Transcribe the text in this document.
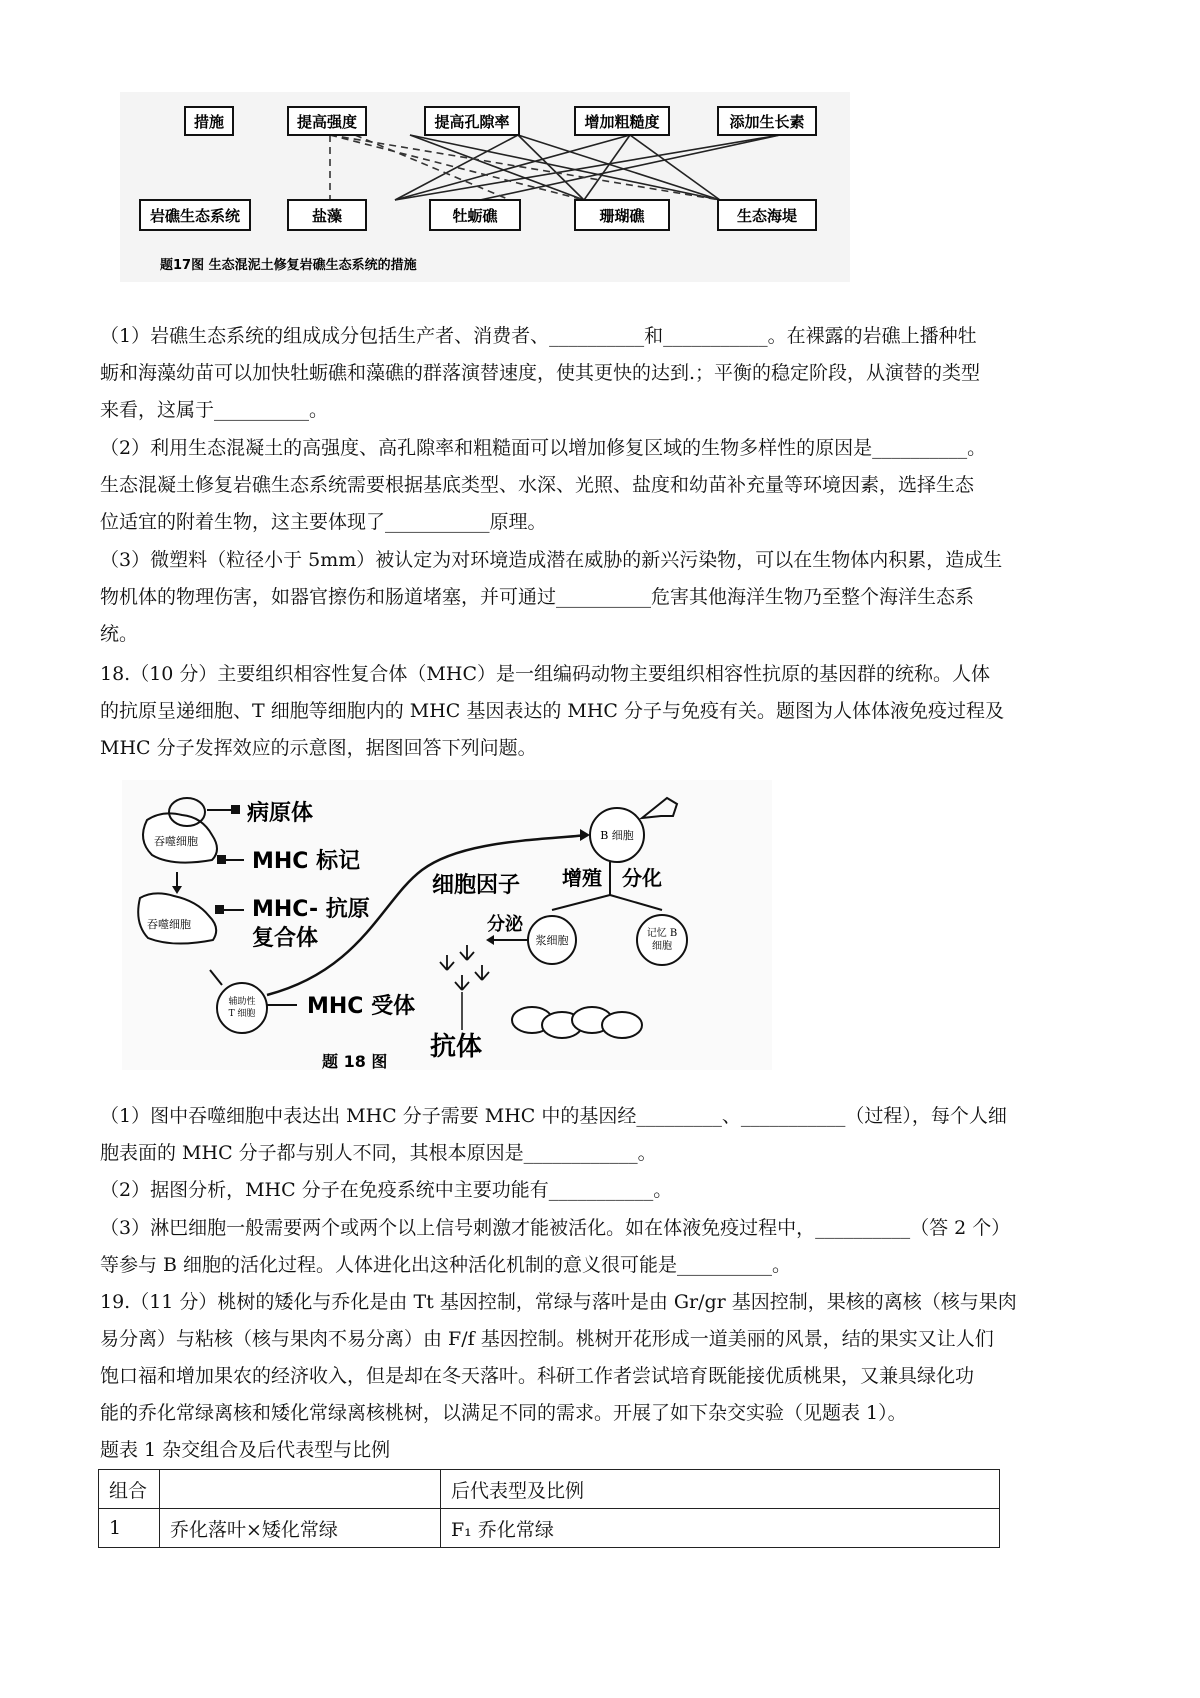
措施	提高强度	提高孔隙率	增加粗糙度	添加生长素
岩礁生态系统	盐藻	牡蛎礁	珊瑚礁	生态海堤
题17图 生态混泥土修复岩礁生态系统的措施
（1）岩礁生态系统的组成成分包括生产者、消费者、__________和___________。在裸露的岩礁上播种牡
蛎和海藻幼苗可以加快牡蛎礁和藻礁的群落演替速度，使其更快的达到.；平衡的稳定阶段，从演替的类型
来看，这属于__________。
（2）利用生态混凝土的高强度、高孔隙率和粗糙面可以增加修复区域的生物多样性的原因是__________。
生态混凝土修复岩礁生态系统需要根据基底类型、水深、光照、盐度和幼苗补充量等环境因素，选择生态
位适宜的附着生物，这主要体现了___________原理。
（3）微塑料（粒径小于 5mm）被认定为对环境造成潜在威胁的新兴污染物，可以在生物体内积累，造成生
物机体的物理伤害，如器官擦伤和肠道堵塞，并可通过__________危害其他海洋生物乃至整个海洋生态系
统。
18.（10 分）主要组织相容性复合体（MHC）是一组编码动物主要组织相容性抗原的基因群的统称。人体
的抗原呈递细胞、T 细胞等细胞内的 MHC 基因表达的 MHC 分子与免疫有关。题图为人体体液免疫过程及
MHC 分子发挥效应的示意图，据图回答下列问题。
吞噬细胞
病原体
MHC 标记
吞噬细胞
MHC- 抗原
复合体
辅助性
T 细胞 MHC 受体
细胞因子
B 细胞
增殖 分化
浆细胞
记忆 B
细胞
分泌
抗体
题 18 图
（1）图中吞噬细胞中表达出 MHC 分子需要 MHC 中的基因经_________、___________（过程），每个人细
胞表面的 MHC 分子都与别人不同，其根本原因是____________。
（2）据图分析，MHC 分子在免疫系统中主要功能有___________。
（3）淋巴细胞一般需要两个或两个以上信号刺激才能被活化。如在体液免疫过程中，__________（答 2 个）
等参与 B 细胞的活化过程。人体进化出这种活化机制的意义很可能是__________。
19.（11 分）桃树的矮化与乔化是由 Tt 基因控制，常绿与落叶是由 Gr/gr 基因控制，果核的离核（核与果肉
易分离）与粘核（核与果肉不易分离）由 F/f 基因控制。桃树开花形成一道美丽的风景，结的果实又让人们
饱口福和增加果农的经济收入，但是却在冬天落叶。科研工作者尝试培育既能接优质桃果，又兼具绿化功
能的乔化常绿离核和矮化常绿离核桃树，以满足不同的需求。开展了如下杂交实验（见题表 1）。
题表 1 杂交组合及后代表型与比例
组合		后代表型及比例
1	乔化落叶×矮化常绿	F₁ 乔化常绿
